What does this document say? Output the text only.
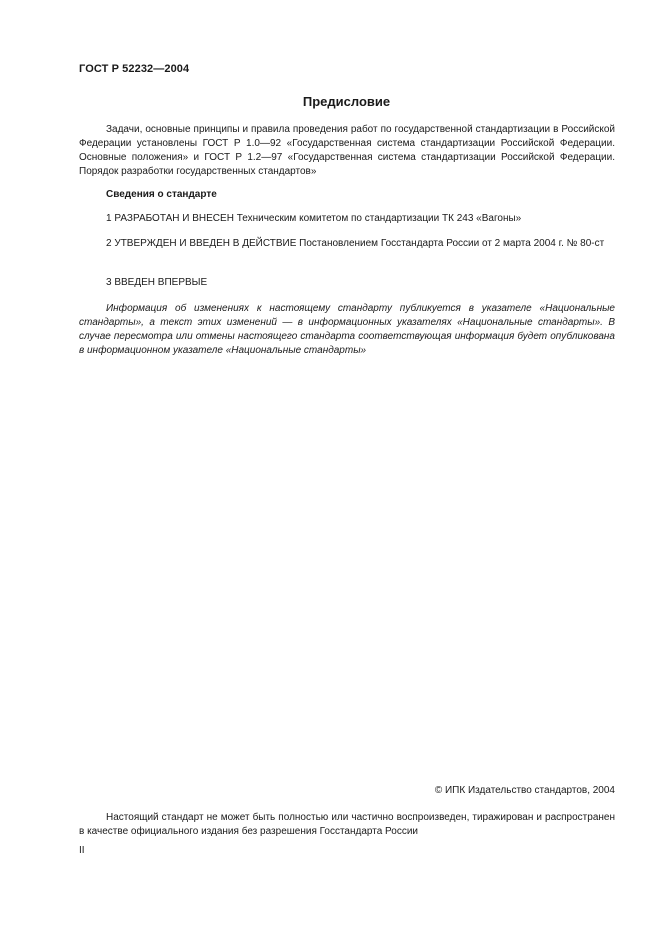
ГОСТ Р 52232—2004
Предисловие

Задачи, основные принципы и правила проведения работ по государственной стандартизации в Российской Федерации установлены ГОСТ Р 1.0—92 «Государственная система стандартизации Российской Федерации. Основные положения» и ГОСТ Р 1.2—97 «Государственная система стандартизации Российской Федерации. Порядок разработки государственных стандартов»

Сведения о стандарте

1 РАЗРАБОТАН И ВНЕСЕН Техническим комитетом по стандартизации ТК 243 «Вагоны»

2 УТВЕРЖДЕН И ВВЕДЕН В ДЕЙСТВИЕ Постановлением Госстандарта России от 2 марта 2004 г. № 80-ст

3 ВВЕДЕН ВПЕРВЫЕ

Информация об изменениях к настоящему стандарту публикуется в указателе «Национальные стандарты», а текст этих изменений — в информационных указателях «Национальные стандарты». В случае пересмотра или отмены настоящего стандарта соответствующая информация будет опубликована в информационном указателе «Национальные стандарты»

© ИПК Издательство стандартов, 2004

Настоящий стандарт не может быть полностью или частично воспроизведен, тиражирован и распространен в качестве официального издания без разрешения Госстандарта России

II
